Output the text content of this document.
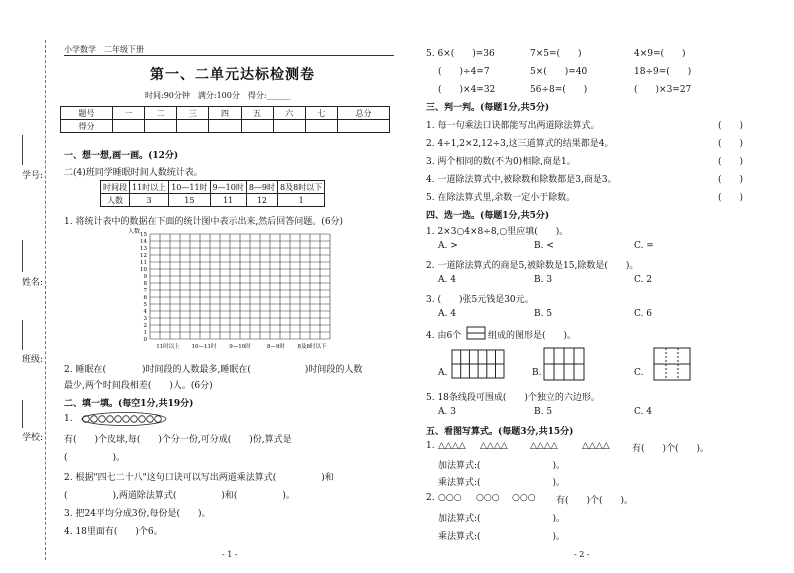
学号:
姓名:
班级:
学校:
小学数学　二年级下册
第一、二单元达标检测卷
时间:90分钟　满分:100分　得分:______
题号	一	二	三	四	五	六	七	总分
得分								
一、想一想,画一画。(12分)
二(4)班同学睡眠时间人数统计表。
时间段	11时以上	10—11时	9—10时	8—9时	8及8时以下
人数	3	15	11	12	1
1. 将统计表中的数据在下面的统计图中表示出来,然后回答问题。(6分)
人数 15
14
13
12
11
10
9
8
7
6
5
4
3
2
1
0
11时以上 10—11时 9—10时	8—9时 8及8时以下
2. 睡眠在(　　　　)时间段的人数最多,睡眠在(　　　　　　)时间段的人数
最少,两个时间段相差(　　)人。(6分)
二、填一填。(每空1分,共19分)
1.
有(　　)个皮球,每(　　)个分一份,可分成(　　)份,算式是
(　　　　　)。
2. 根据"四七二十八"这句口诀可以写出两道乘法算式(　　　　　)和
(　　　　　),两道除法算式(　　　　　)和(　　　　　)。
3. 把24平均分成3份,每份是(　　)。
4. 18里面有(　　)个6。
- 1 -
5. 6×(　　)=36	7×5=(　　)	4×9=(　　)
(　　)÷4=7	5×(　　)=40	18÷9=(　　)
(　　)×4=32	56÷8=(　　)	(　　)×3=27
三、判一判。(每题1分,共5分)
1. 每一句乘法口诀都能写出两道除法算式。	(　　)
2. 4÷1,2×2,12÷3,这三道算式的结果都是4。	(　　)
3. 两个相同的数(不为0)相除,商是1。	(　　)
4. 一道除法算式中,被除数和除数都是3,商是3。	(　　)
5. 在除法算式里,余数一定小于除数。	(　　)
四、选一选。(每题1分,共5分)
1. 2×3○4×8÷8,○里应填(　　)。
A. >	B. <	C. =
2. 一道除法算式的商是5,被除数是15,除数是(　　)。
A. 4	B. 3	C. 2
3. (　　)张5元钱是30元。
A. 4	B. 5	C. 6
4. 由6个	组成的图形是(　　)。
A.	B.	C.
5. 18条线段可围成(　　)个独立的六边形。
A. 3	B. 5	C. 4
五、看图写算式。(每题3分,共15分)
1. △△△△ △△△△ △△△△	△△△△ 有(　　)个(　　)。
加法算式:(　　　　　　　　)。
乘法算式:(　　　　　　　　)。
2. ○○○ ○○○ ○○○ 有(　　)个(　　)。
加法算式:(　　　　　　　　)。
乘法算式:(　　　　　　　　)。
- 2 -
